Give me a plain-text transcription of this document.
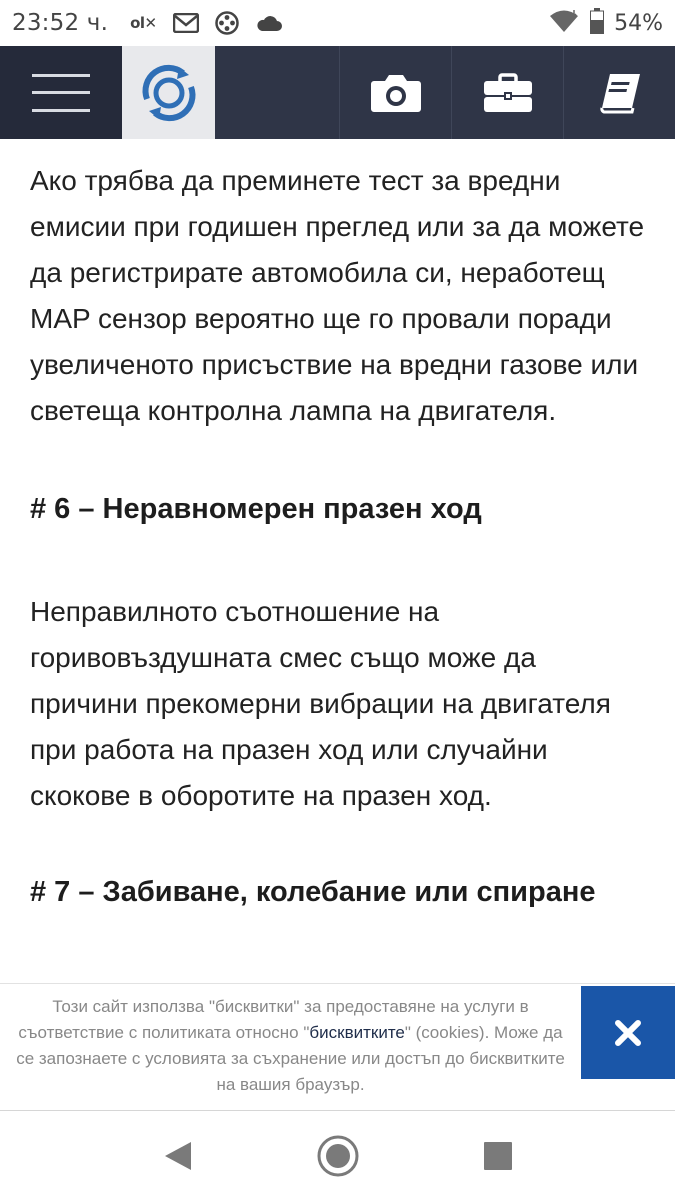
23:52 ч. ol✕	54%

Ако трябва да преминете тест за вредни емисии при годишен преглед или за да можете да регистрирате автомобила си, неработещ MAP сензор вероятно ще го провали поради увеличеното присъствие на вредни газове или светеща контролна лампа на двигателя.

# 6 – Неравномерен празен ход

Неправилното съотношение на горивовъздушната смес също може да причини прекомерни вибрации на двигателя при работа на празен ход или случайни скокове в оборотите на празен ход.

# 7 – Забиване, колебание или спиране
Този сайт използва "бисквитки" за предоставяне на услуги в съответствие с политиката относно "бисквитките" (cookies). Може да се запознаете с условията за съхранение или достъп до бисквитките на вашия браузър.
